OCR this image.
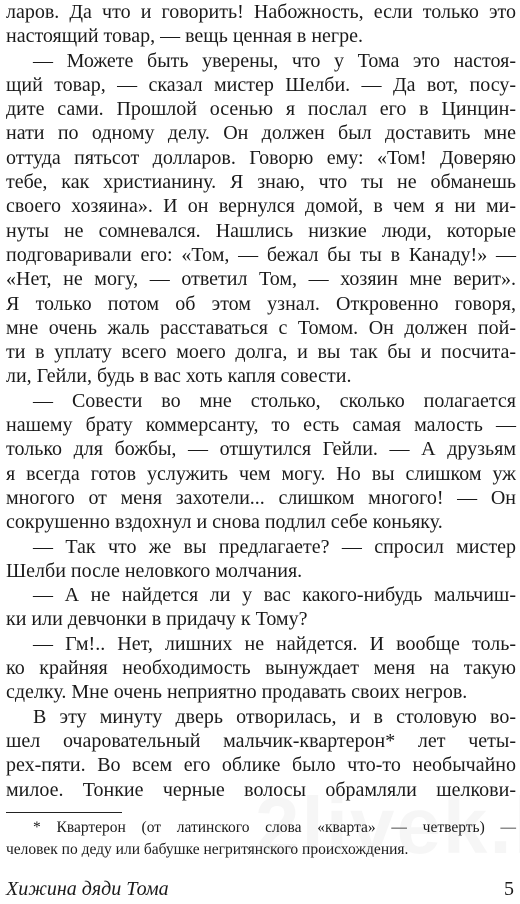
ларов. Да что и говорить! Набожность, если только это
настоящий товар, — вещь ценная в негре.
— Можете быть уверены, что у Тома это настоя-
щий товар, — сказал мистер Шелби. — Да вот, посу-
дите сами. Прошлой осенью я послал его в Цинцин-
нати по одному делу. Он должен был доставить мне
оттуда пятьсот долларов. Говорю ему: «Том! Доверяю
тебе, как христианину. Я знаю, что ты не обманешь
своего хозяина». И он вернулся домой, в чем я ни ми-
нуты не сомневался. Нашлись низкие люди, которые
подговаривали его: «Том, — бежал бы ты в Канаду!» —
«Нет, не могу, — ответил Том, — хозяин мне верит».
Я только потом об этом узнал. Откровенно говоря,
мне очень жаль расставаться с Томом. Он должен пой-
ти в уплату всего моего долга, и вы так бы и посчита-
ли, Гейли, будь в вас хоть капля совести.
— Совести во мне столько, сколько полагается
нашему брату коммерсанту, то есть самая малость —
только для божбы, — отшутился Гейли. — А друзьям
я всегда готов услужить чем могу. Но вы слишком уж
многого от меня захотели... слишком многого! — Он
сокрушенно вздохнул и снова подлил себе коньяку.
— Так что же вы предлагаете? — спросил мистер
Шелби после неловкого молчания.
— А не найдется ли у вас какого-нибудь мальчиш-
ки или девчонки в придачу к Тому?
— Гм!.. Нет, лишних не найдется. И вообще толь-
ко крайняя необходимость вынуждает меня на такую
сделку. Мне очень неприятно продавать своих негров.
В эту минуту дверь отворилась, и в столовую во-
шел очаровательный мальчик-квартерон* лет четы-
рех-пяти. Во всем его облике было что-то необычайно
милое. Тонкие черные волосы обрамляли шелкови-
* Квартерон (от латинского слова «кварта» — четверть) —
человек по деду или бабушке негритянского происхождения.
Хижина дяди Тома	5
